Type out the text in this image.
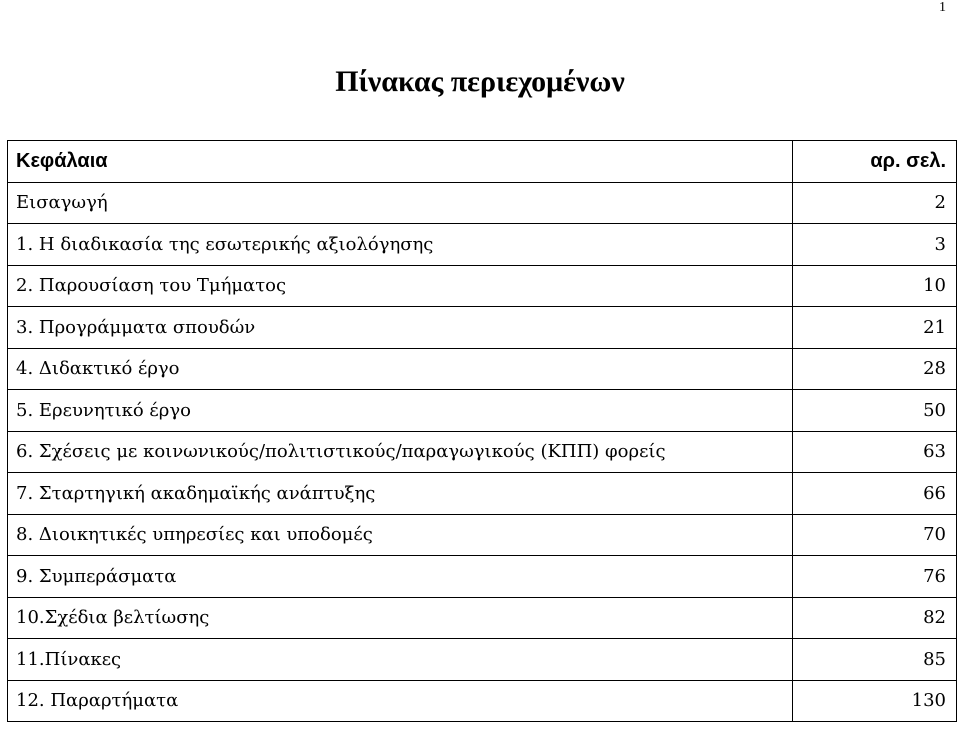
1
Πίνακας περιεχομένων
Κεφάλαια	αρ. σελ.
Εισαγωγή	2
1. Η διαδικασία της εσωτερικής αξιολόγησης	3
2. Παρουσίαση του Τμήματος	10
3. Προγράμματα σπουδών	21
4. Διδακτικό έργο	28
5. Ερευνητικό έργο	50
6. Σχέσεις με κοινωνικούς/πολιτιστικούς/παραγωγικούς (ΚΠΠ) φορείς	63
7. Σταρτηγική ακαδημαϊκής ανάπτυξης	66
8. Διοικητικές υπηρεσίες και υποδομές	70
9. Συμπεράσματα	76
10.Σχέδια βελτίωσης	82
11.Πίνακες	85
12. Παραρτήματα	130
